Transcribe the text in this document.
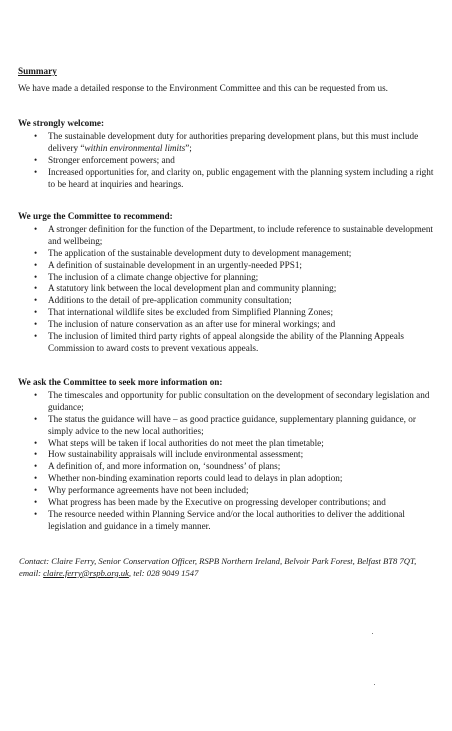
Summary

We have made a detailed response to the Environment Committee and this can be requested from us.

We strongly welcome:
• The sustainable development duty for authorities preparing development plans, but this must include delivery “within environmental limits”;
• Stronger enforcement powers; and
• Increased opportunities for, and clarity on, public engagement with the planning system including a right to be heard at inquiries and hearings.
We urge the Committee to recommend:
• A stronger definition for the function of the Department, to include reference to sustainable development and wellbeing;
• The application of the sustainable development duty to development management;
• A definition of sustainable development in an urgently-needed PPS1;
• The inclusion of a climate change objective for planning;
• A statutory link between the local development plan and community planning;
• Additions to the detail of pre-application community consultation;
• That international wildlife sites be excluded from Simplified Planning Zones;
• The inclusion of nature conservation as an after use for mineral workings; and
• The inclusion of limited third party rights of appeal alongside the ability of the Planning Appeals Commission to award costs to prevent vexatious appeals.
We ask the Committee to seek more information on:
• The timescales and opportunity for public consultation on the development of secondary legislation and guidance;
• The status the guidance will have – as good practice guidance, supplementary planning guidance, or simply advice to the new local authorities;
• What steps will be taken if local authorities do not meet the plan timetable;
• How sustainability appraisals will include environmental assessment;
• A definition of, and more information on, ‘soundness’ of plans;
• Whether non-binding examination reports could lead to delays in plan adoption;
• Why performance agreements have not been included;
• What progress has been made by the Executive on progressing developer contributions; and
• The resource needed within Planning Service and/or the local authorities to deliver the additional legislation and guidance in a timely manner.
Contact: Claire Ferry, Senior Conservation Officer, RSPB Northern Ireland, Belvoir Park Forest, Belfast BT8 7QT,
email: claire.ferry@rspb.org.uk, tel: 028 9049 1547
